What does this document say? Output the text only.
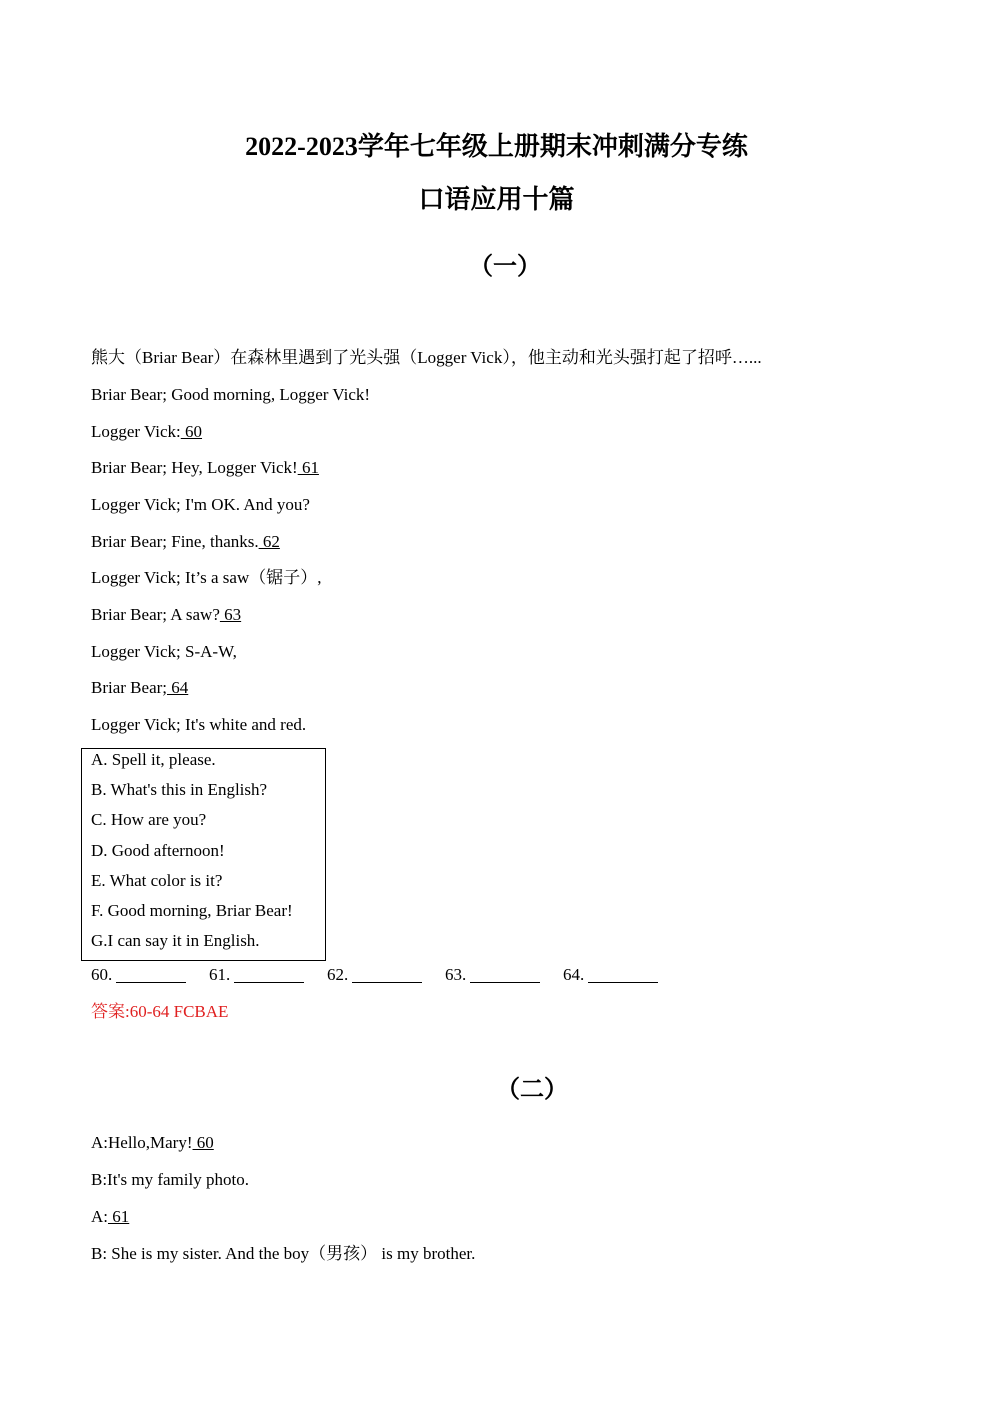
2022-2023学年七年级上册期末冲刺满分专练
口语应用十篇
（一）
熊大（Briar Bear）在森林里遇到了光头强（Logger Vick），他主动和光头强打起了招呼…...
Briar Bear; Good morning, Logger Vick!
Logger Vick: 60
Briar Bear; Hey, Logger Vick! 61
Logger Vick; I'm OK. And you?
Briar Bear; Fine, thanks. 62
Logger Vick; It’s a saw（锯子）,
Briar Bear; A saw? 63
Logger Vick; S-A-W,
Briar Bear; 64
Logger Vick; It's white and red.
A. Spell it, please.
B. What's this in English?
C. How are you?
D. Good afternoon!
E. What color is it?
F. Good morning, Briar Bear!
G.I can say it in English.
60.	61.	62.	63.	64.
答案:60-64 FCBAE
（二）
A:Hello,Mary! 60
B:It's my family photo.
A: 61
B: She is my sister. And the boy（男孩） is my brother.
